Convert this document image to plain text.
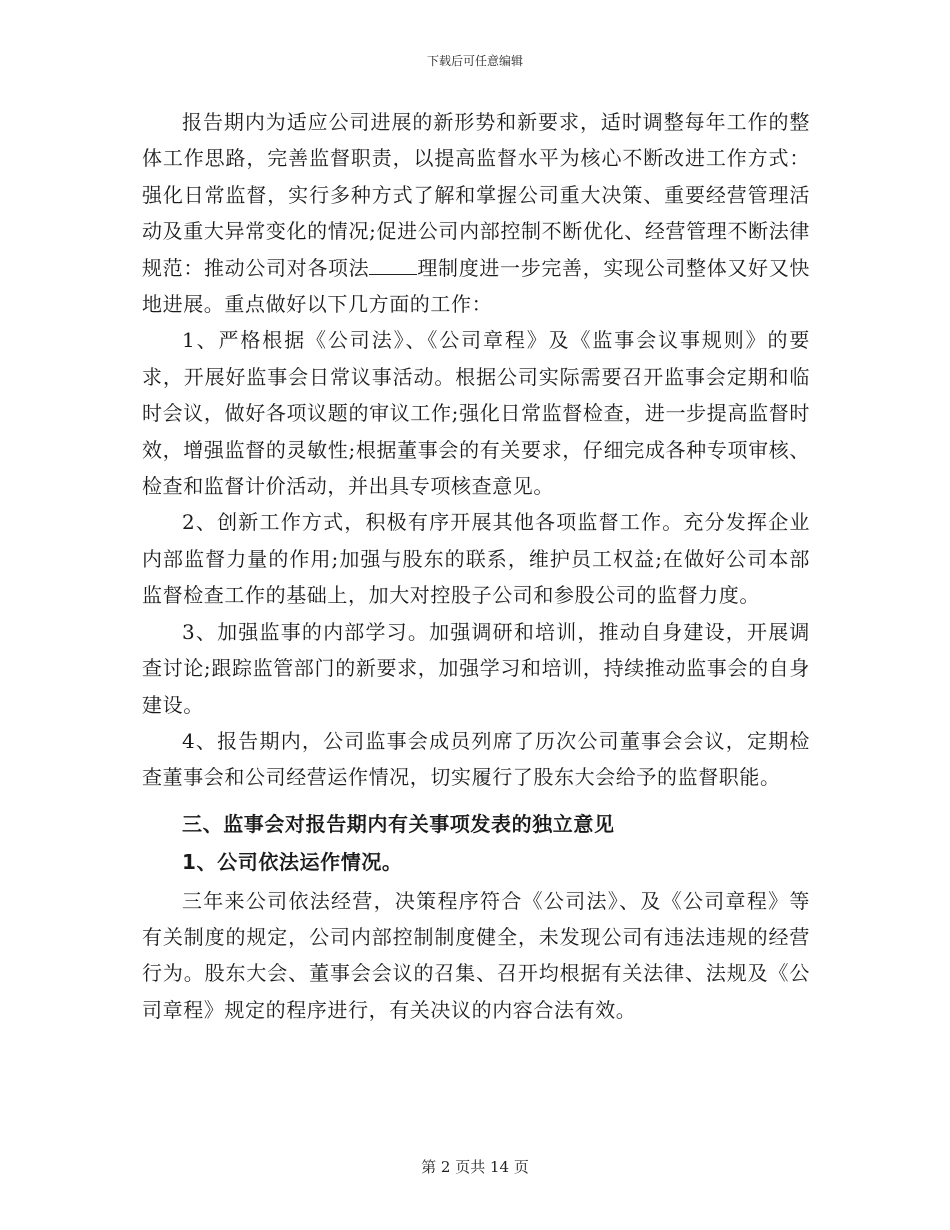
下载后可任意编辑

报告期内为适应公司进展的新形势和新要求，适时调整每年工作的整体工作思路，完善监督职责，以提高监督水平为核心不断改进工作方式：强化日常监督，实行多种方式了解和掌握公司重大决策、重要经营管理活动及重大异常变化的情况;促进公司内部控制不断优化、经营管理不断法律规范：推动公司对各项法 理制度进一步完善，实现公司整体又好又快地进展。重点做好以下几方面的工作：

1、严格根据《公司法》、《公司章程》及《监事会议事规则》的要求，开展好监事会日常议事活动。根据公司实际需要召开监事会定期和临时会议，做好各项议题的审议工作;强化日常监督检查，进一步提高监督时效，增强监督的灵敏性;根据董事会的有关要求，仔细完成各种专项审核、检查和监督计价活动，并出具专项核查意见。

2、创新工作方式，积极有序开展其他各项监督工作。充分发挥企业内部监督力量的作用;加强与股东的联系，维护员工权益;在做好公司本部监督检查工作的基础上，加大对控股子公司和参股公司的监督力度。

3、加强监事的内部学习。加强调研和培训，推动自身建设，开展调查讨论;跟踪监管部门的新要求，加强学习和培训，持续推动监事会的自身建设。

4、报告期内，公司监事会成员列席了历次公司董事会会议，定期检查董事会和公司经营运作情况，切实履行了股东大会给予的监督职能。

三、监事会对报告期内有关事项发表的独立意见

1、公司依法运作情况。

三年来公司依法经营，决策程序符合《公司法》、及《公司章程》等有关制度的规定，公司内部控制制度健全，未发现公司有违法违规的经营行为。股东大会、董事会会议的召集、召开均根据有关法律、法规及《公司章程》规定的程序进行，有关决议的内容合法有效。

第 2 页共 14 页
